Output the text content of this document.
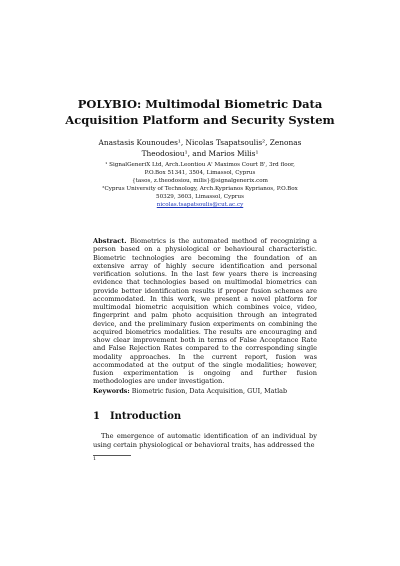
POLYBIO: Multimodal Biometric Data Acquisition Platform and Security System
Anastasis Kounoudes¹, Nicolas Tsapatsoulis², Zenonas
Theodosiou¹, and Marios Milis¹
¹ SignalGeneriX Ltd, Arch.Leontiou A' Maximos Court B', 3rd floor,
P.O.Box 51341, 3504, Limassol, Cyprus
{tasos, z.theodosiou, milis}@signalgenerix.com
²Cyprus University of Technology, Arch.Kyprianos Kyprianos, P.O.Box
50329, 3603, Limassol, Cyprus
nicolas.tsapatsoulis@cut.ac.cy
Abstract. Biometrics is the automated method of recognizing a person based on a physiological or behavioural characteristic. Biometric technologies are becoming the foundation of an extensive array of highly secure identification and personal verification solutions. In the last few years there is increasing evidence that technologies based on multimodal biometrics can provide better identification results if proper fusion schemes are accommodated. In this work, we present a novel platform for multimodal biometric acquisition which combines voice, video, fingerprint and palm photo acquisition through an integrated device, and the preliminary fusion experiments on combining the acquired biometrics modalities. The results are encouraging and show clear improvement both in terms of False Acceptance Rate and False Rejection Rates compared to the corresponding single modality approaches. In the current report, fusion was accommodated at the output of the single modalities; however, fusion experimentation is ongoing and further fusion methodologies are under investigation.
Keywords: Biometric fusion, Data Acquisition, GUI, Matlab
1 Introduction
The emergence of automatic identification of an individual by using certain physiological or behavioral traits, has addressed the
1
